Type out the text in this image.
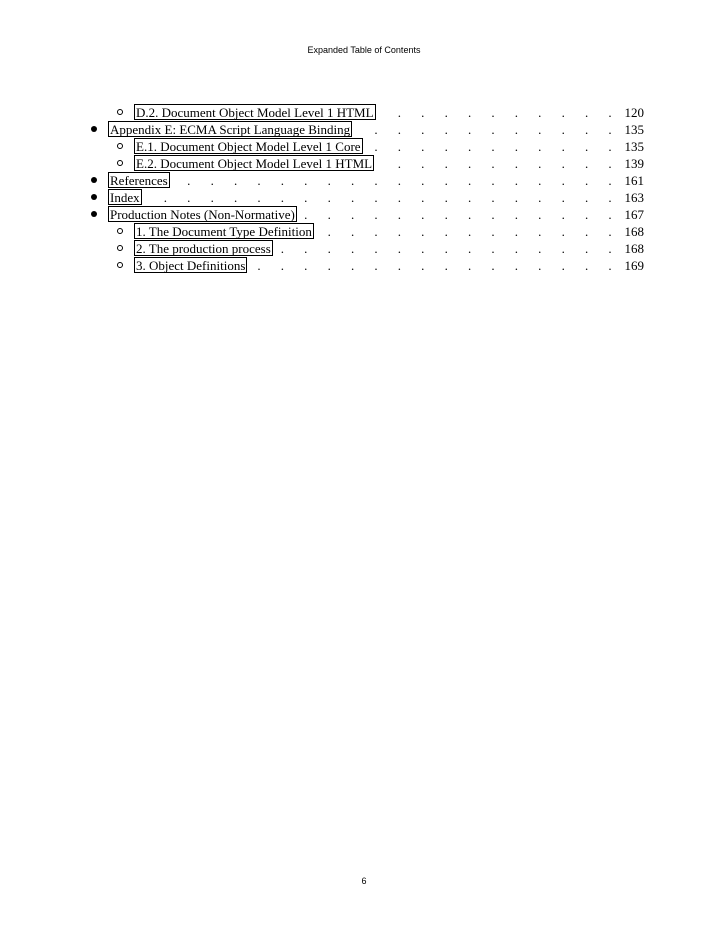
Expanded Table of Contents
.
.
.
.
.
.
.
.
.
.
D.2. Document Object Model Level 1 HTML	120
.
.
.
.
.
.
.
.
.
.
.
Appendix E: ECMA Script Language Binding	135
.
.
.
.
.
.
.
.
.
.
.
E.1. Document Object Model Level 1 Core	135
.
.
.
.
.
.
.
.
.
.
E.2. Document Object Model Level 1 HTML	139
.
.
.
.
.
.
.
.
.
.
.
.
.
.
.
.
.
.
.
References	161
.
.
.
.
.
.
.
.
.
.
.
.
.
.
.
.
.
.
.
.
Index	163
.
.
.
.
.
.
.
.
.
.
.
.
.
.
Production Notes (Non-Normative)	167
.
.
.
.
.
.
.
.
.
.
.
.
.
1. The Document Type Definition	168
.
.
.
.
.
.
.
.
.
.
.
.
.
.
.
2. The production process	168
.
.
.
.
.
.
.
.
.
.
.
.
.
.
.
.
3. Object Definitions	169
6
